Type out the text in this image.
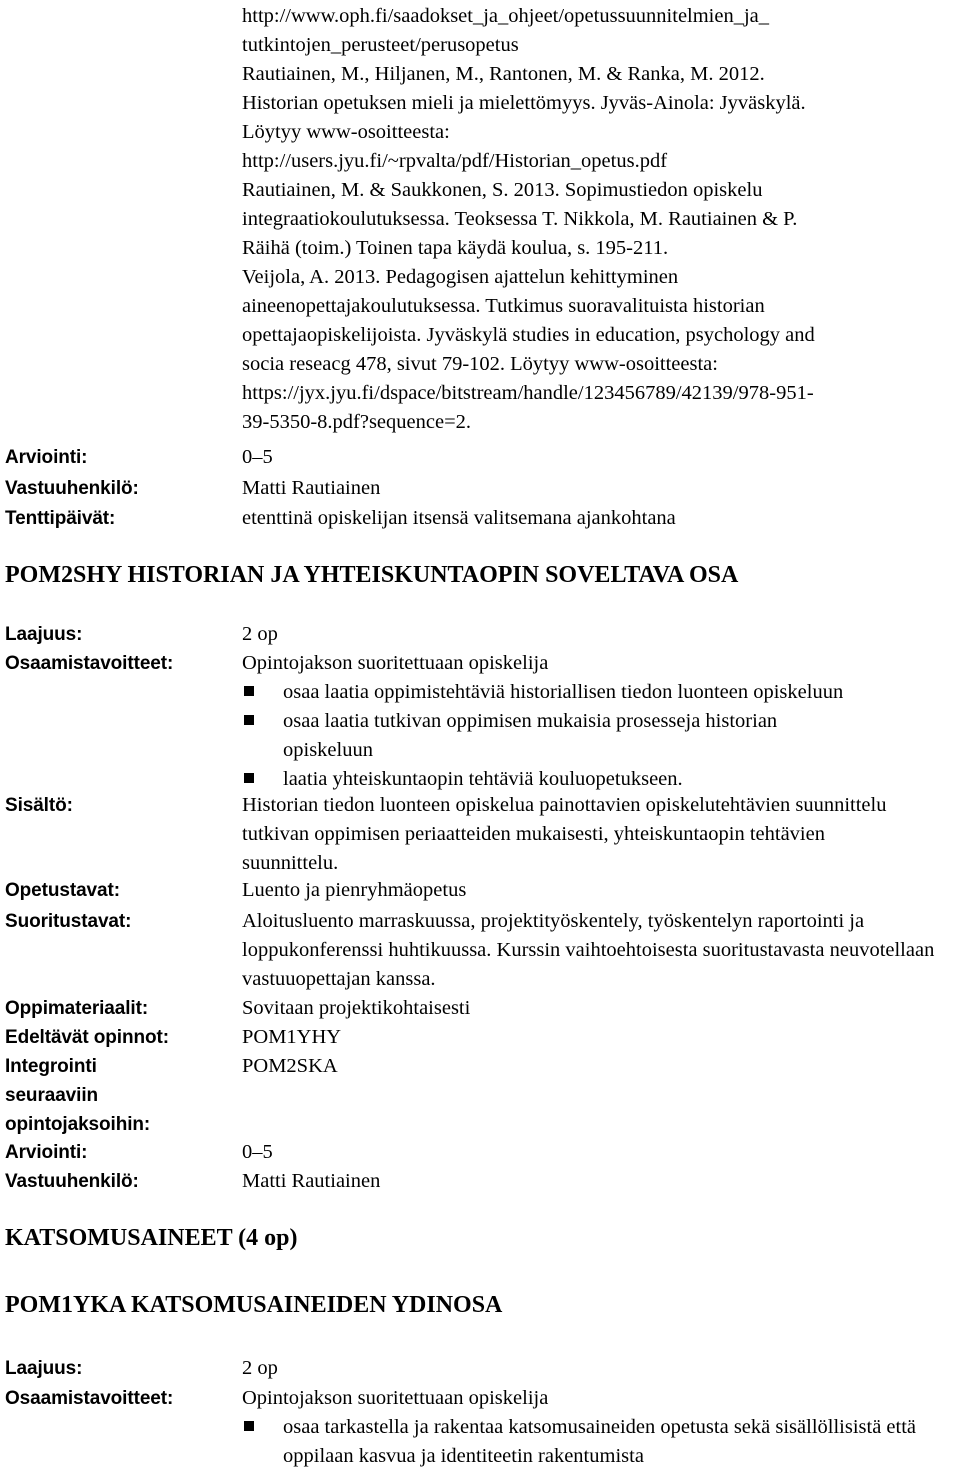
http://www.oph.fi/saadokset_ja_ohjeet/opetussuunnitelmien_ja_
tutkintojen_perusteet/perusopetus

Rautiainen, M., Hiljanen, M., Rantonen, M. & Ranka, M. 2012.
Historian opetuksen mieli ja mielettömyys. Jyväs-Ainola: Jyväskylä.
Löytyy www-osoitteesta:
http://users.jyu.fi/~rpvalta/pdf/Historian_opetus.pdf

Rautiainen, M. & Saukkonen, S. 2013. Sopimustiedon opiskelu
integraatiokoulutuksessa. Teoksessa T. Nikkola, M. Rautiainen & P.
Räihä (toim.) Toinen tapa käydä koulua, s. 195-211.

Veijola, A. 2013. Pedagogisen ajattelun kehittyminen
aineenopettajakoulutuksessa. Tutkimus suoravalituista historian
opettajaopiskelijoista. Jyväskylä studies in education, psychology and
socia reseacg 478, sivut 79-102. Löytyy www-osoitteesta:
https://jyx.jyu.fi/dspace/bitstream/handle/123456789/42139/978-951-
39-5350-8.pdf?sequence=2.

Arviointi:	0–5
Vastuuhenkilö:	Matti Rautiainen
Tenttipäivät:	etenttinä opiskelijan itsensä valitsemana ajankohtana
POM2SHY HISTORIAN JA YHTEISKUNTAOPIN SOVELTAVA OSA
Laajuus:	2 op
Osaamistavoitteet:	Opintojakson suoritettuaan opiskelija
osaa laatia oppimistehtäviä historiallisen tiedon luonteen opiskeluun
osaa laatia tutkivan oppimisen mukaisia prosesseja historian opiskeluun
laatia yhteiskuntaopin tehtäviä kouluopetukseen.
Sisältö:	Historian tiedon luonteen opiskelua painottavien opiskelutehtävien suunnittelu tutkivan oppimisen periaatteiden mukaisesti, yhteiskuntaopin tehtävien suunnittelu.
Opetustavat:	Luento ja pienryhmäopetus
Suoritustavat:	Aloitusluento marraskuussa, projektityöskentely, työskentelyn raportointi ja loppukonferenssi huhtikuussa. Kurssin vaihtoehtoisesta suoritustavasta neuvotellaan vastuuopettajan kanssa.
Oppimateriaalit:	Sovitaan projektikohtaisesti
Edeltävät opinnot:	POM1YHY
Integrointi
seuraaviin
opintojaksoihin:
POM2SKA
Arviointi:	0–5
Vastuuhenkilö:	Matti Rautiainen
KATSOMUSAINEET (4 op)
POM1YKA KATSOMUSAINEIDEN YDINOSA
Laajuus:	2 op
Osaamistavoitteet:	Opintojakson suoritettuaan opiskelija
osaa tarkastella ja rakentaa katsomusaineiden opetusta sekä sisällöllisistä että oppilaan kasvua ja identiteetin rakentumista
